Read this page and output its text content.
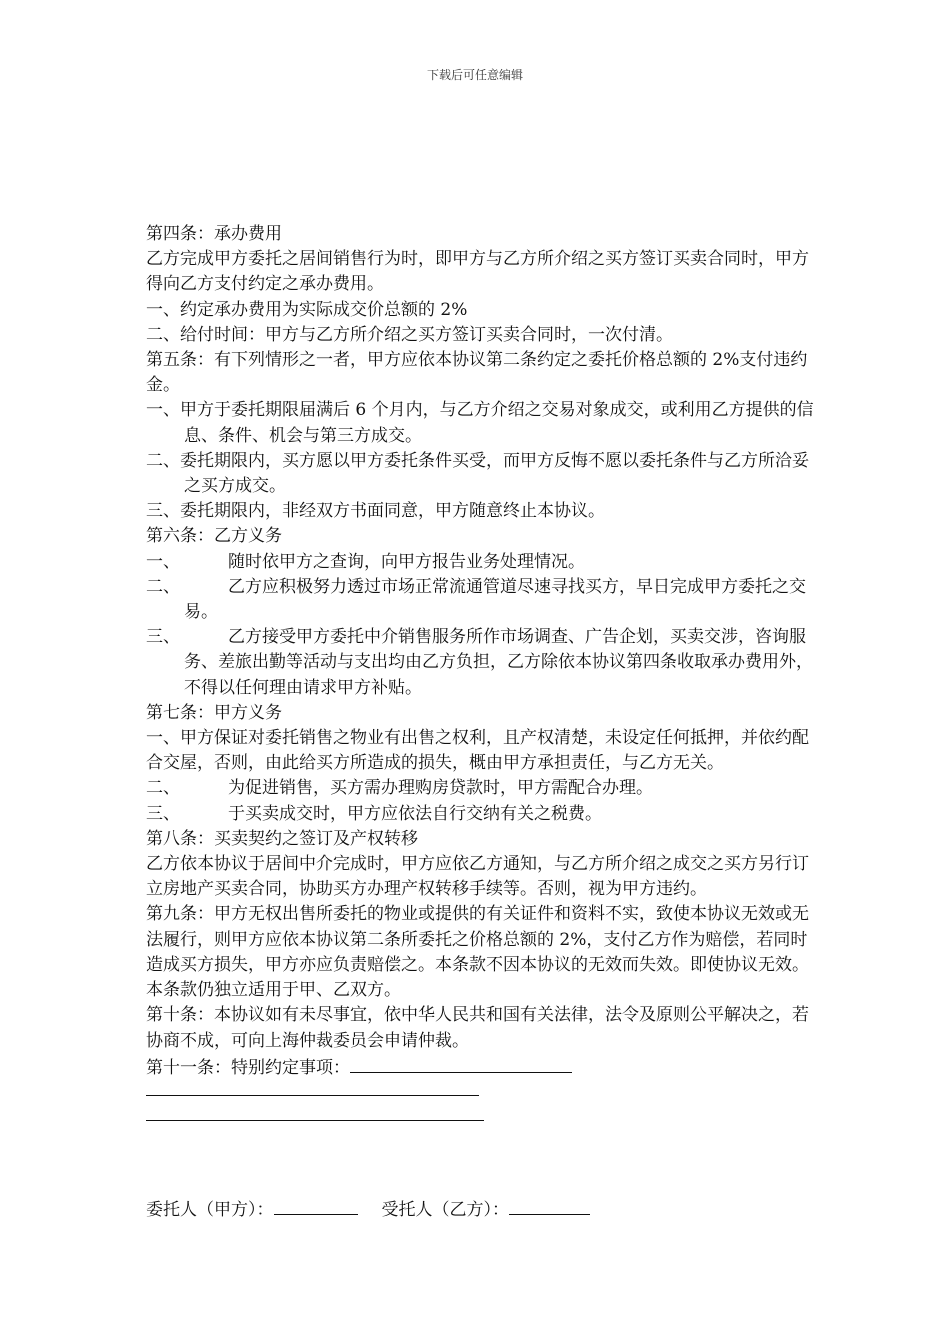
下载后可任意编辑

第四条：承办费用

乙方完成甲方委托之居间销售行为时，即甲方与乙方所介绍之买方签订买卖合同时，甲方得向乙方支付约定之承办费用。

一、约定承办费用为实际成交价总额的 2%

二、给付时间：甲方与乙方所介绍之买方签订买卖合同时，一次付清。

第五条：有下列情形之一者，甲方应依本协议第二条约定之委托价格总额的 2%支付违约金。

一、甲方于委托期限届满后 6 个月内，与乙方介绍之交易对象成交，或利用乙方提供的信息、条件、机会与第三方成交。

二、委托期限内，买方愿以甲方委托条件买受，而甲方反悔不愿以委托条件与乙方所洽妥之买方成交。

三、委托期限内，非经双方书面同意，甲方随意终止本协议。

第六条：乙方义务

一、	随时依甲方之查询，向甲方报告业务处理情况。

二、	乙方应积极努力透过市场正常流通管道尽速寻找买方，早日完成甲方委托之交易。

三、	乙方接受甲方委托中介销售服务所作市场调查、广告企划，买卖交涉，咨询服务、差旅出勤等活动与支出均由乙方负担，乙方除依本协议第四条收取承办费用外，不得以任何理由请求甲方补贴。

第七条：甲方义务

一、甲方保证对委托销售之物业有出售之权利，且产权清楚，未设定任何抵押，并依约配合交屋，否则，由此给买方所造成的损失，概由甲方承担责任，与乙方无关。

二、	为促进销售，买方需办理购房贷款时，甲方需配合办理。

三、	于买卖成交时，甲方应依法自行交纳有关之税费。

第八条：买卖契约之签订及产权转移

乙方依本协议于居间中介完成时，甲方应依乙方通知，与乙方所介绍之成交之买方另行订立房地产买卖合同，协助买方办理产权转移手续等。否则，视为甲方违约。

第九条：甲方无权出售所委托的物业或提供的有关证件和资料不实，致使本协议无效或无法履行，则甲方应依本协议第二条所委托之价格总额的 2%，支付乙方作为赔偿，若同时造成买方损失，甲方亦应负责赔偿之。本条款不因本协议的无效而失效。即使协议无效。本条款仍独立适用于甲、乙双方。

第十条：本协议如有未尽事宜，依中华人民共和国有关法律，法令及原则公平解决之，若协商不成，可向上海仲裁委员会申请仲裁。

第十一条：特别约定事项：

委托人（甲方）：	受托人（乙方）：
